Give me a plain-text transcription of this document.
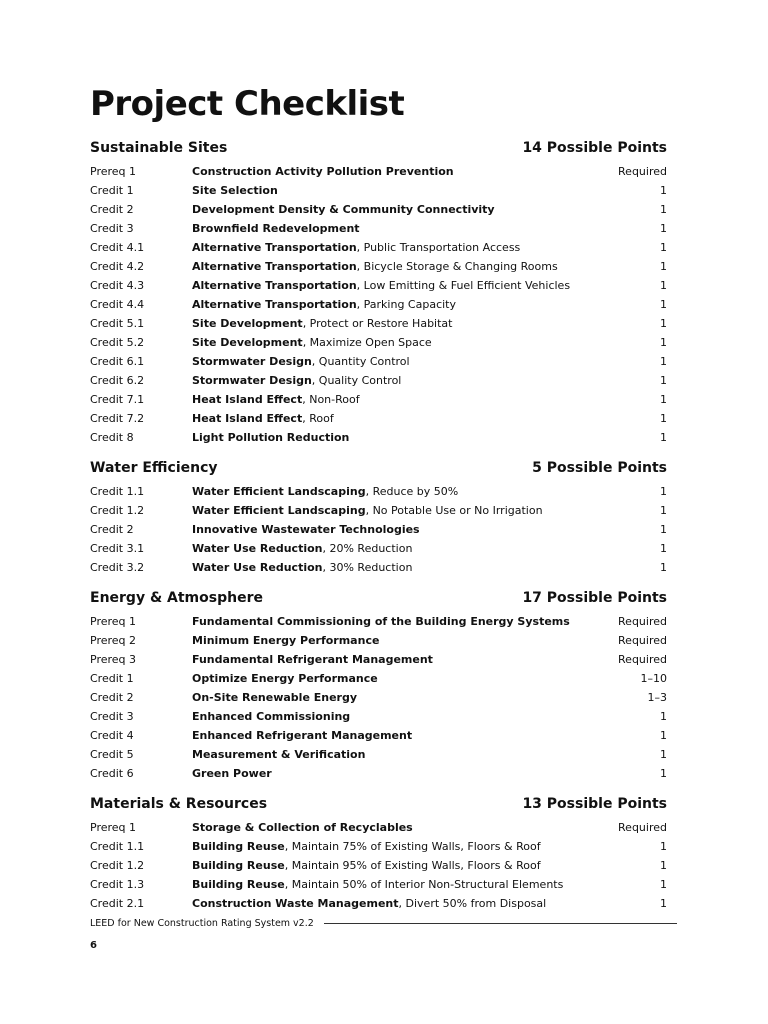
Project Checklist
Sustainable Sites	14 Possible Points
Prereq 1	Construction Activity Pollution Prevention	Required
Credit 1	Site Selection	1
Credit 2	Development Density & Community Connectivity	1
Credit 3	Brownfield Redevelopment	1
Credit 4.1	Alternative Transportation, Public Transportation Access	1
Credit 4.2	Alternative Transportation, Bicycle Storage & Changing Rooms	1
Credit 4.3	Alternative Transportation, Low Emitting & Fuel Efficient Vehicles	1
Credit 4.4	Alternative Transportation, Parking Capacity	1
Credit 5.1	Site Development, Protect or Restore Habitat	1
Credit 5.2	Site Development, Maximize Open Space	1
Credit 6.1	Stormwater Design, Quantity Control	1
Credit 6.2	Stormwater Design, Quality Control	1
Credit 7.1	Heat Island Effect, Non-Roof	1
Credit 7.2	Heat Island Effect, Roof	1
Credit 8	Light Pollution Reduction	1
Water Efficiency	5 Possible Points
Credit 1.1	Water Efficient Landscaping, Reduce by 50%	1
Credit 1.2	Water Efficient Landscaping, No Potable Use or No Irrigation	1
Credit 2	Innovative Wastewater Technologies	1
Credit 3.1	Water Use Reduction, 20% Reduction	1
Credit 3.2	Water Use Reduction, 30% Reduction	1
Energy & Atmosphere	17 Possible Points
Prereq 1	Fundamental Commissioning of the Building Energy Systems	Required
Prereq 2	Minimum Energy Performance	Required
Prereq 3	Fundamental Refrigerant Management	Required
Credit 1	Optimize Energy Performance	1–10
Credit 2	On-Site Renewable Energy	1–3
Credit 3	Enhanced Commissioning	1
Credit 4	Enhanced Refrigerant Management	1
Credit 5	Measurement & Verification	1
Credit 6	Green Power	1
Materials & Resources	13 Possible Points
Prereq 1	Storage & Collection of Recyclables	Required
Credit 1.1	Building Reuse, Maintain 75% of Existing Walls, Floors & Roof	1
Credit 1.2	Building Reuse, Maintain 95% of Existing Walls, Floors & Roof	1
Credit 1.3	Building Reuse, Maintain 50% of Interior Non-Structural Elements	1
Credit 2.1	Construction Waste Management, Divert 50% from Disposal	1
LEED for New Construction Rating System v2.2
6
